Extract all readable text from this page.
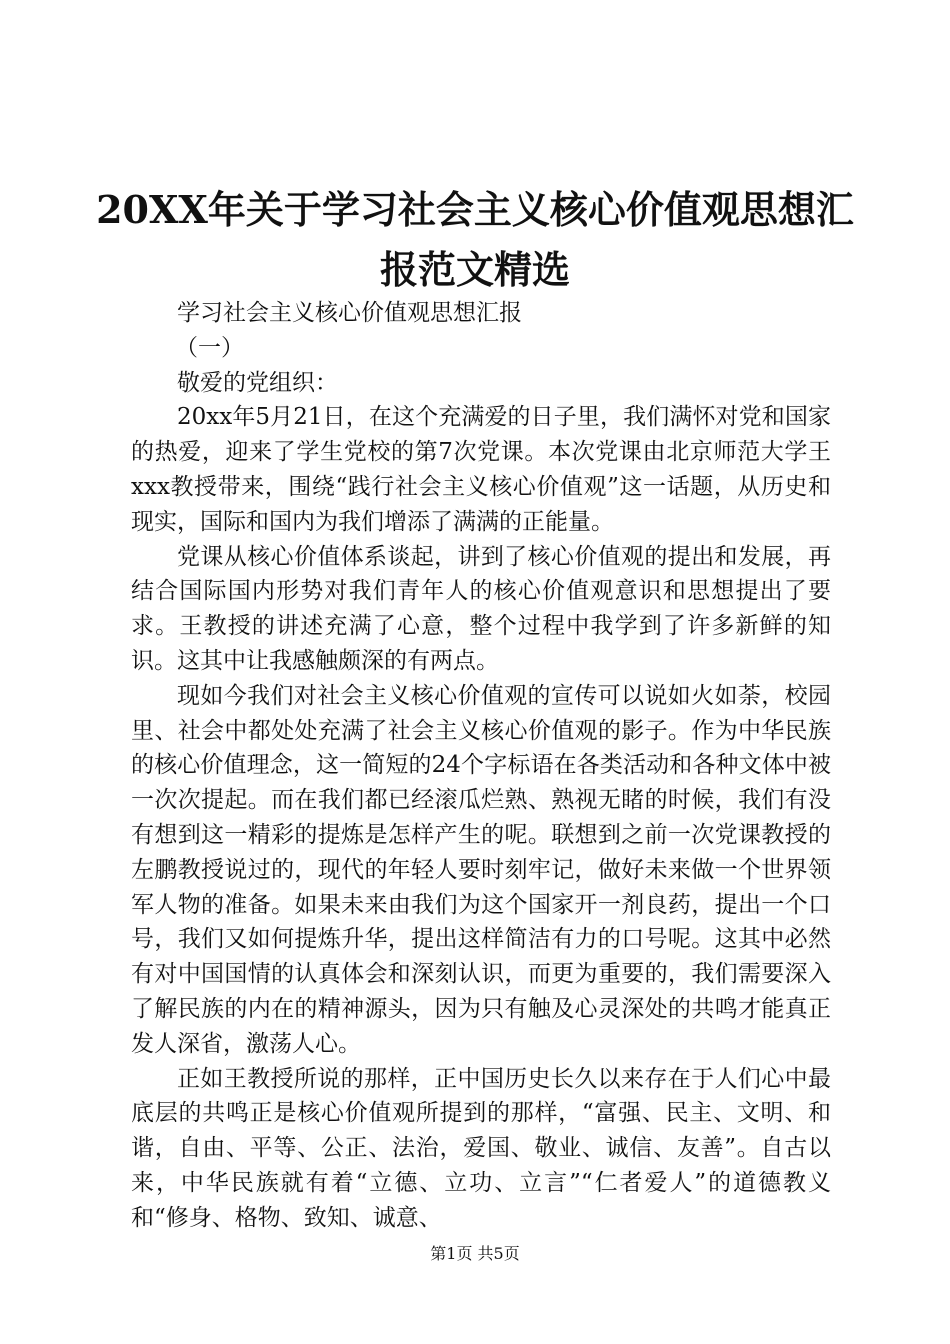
20XX年关于学习社会主义核心价值观思想汇
报范文精选

学习社会主义核心价值观思想汇报

（一）

敬爱的党组织：

20xx年5月21日，在这个充满爱的日子里，我们满怀对党和国家的热爱，迎来了学生党校的第7次党课。本次党课由北京师范大学王xxx教授带来，围绕“践行社会主义核心价值观”这一话题，从历史和现实，国际和国内为我们增添了满满的正能量。

党课从核心价值体系谈起，讲到了核心价值观的提出和发展，再结合国际国内形势对我们青年人的核心价值观意识和思想提出了要求。王教授的讲述充满了心意，整个过程中我学到了许多新鲜的知识。这其中让我感触颇深的有两点。

现如今我们对社会主义核心价值观的宣传可以说如火如荼，校园里、社会中都处处充满了社会主义核心价值观的影子。作为中华民族的核心价值理念，这一简短的24个字标语在各类活动和各种文体中被一次次提起。而在我们都已经滚瓜烂熟、熟视无睹的时候，我们有没有想到这一精彩的提炼是怎样产生的呢。联想到之前一次党课教授的左鹏教授说过的，现代的年轻人要时刻牢记，做好未来做一个世界领军人物的准备。如果未来由我们为这个国家开一剂良药，提出一个口号，我们又如何提炼升华，提出这样简洁有力的口号呢。这其中必然有对中国国情的认真体会和深刻认识，而更为重要的，我们需要深入了解民族的内在的精神源头，因为只有触及心灵深处的共鸣才能真正发人深省，激荡人心。

正如王教授所说的那样，正中国历史长久以来存在于人们心中最底层的共鸣正是核心价值观所提到的那样，“富强、民主、文明、和谐，自由、平等、公正、法治，爱国、敬业、诚信、友善”。自古以来，中华民族就有着“立德、立功、立言”“仁者爱人”的道德教义和“修身、格物、致知、诚意、

第1页 共5页
